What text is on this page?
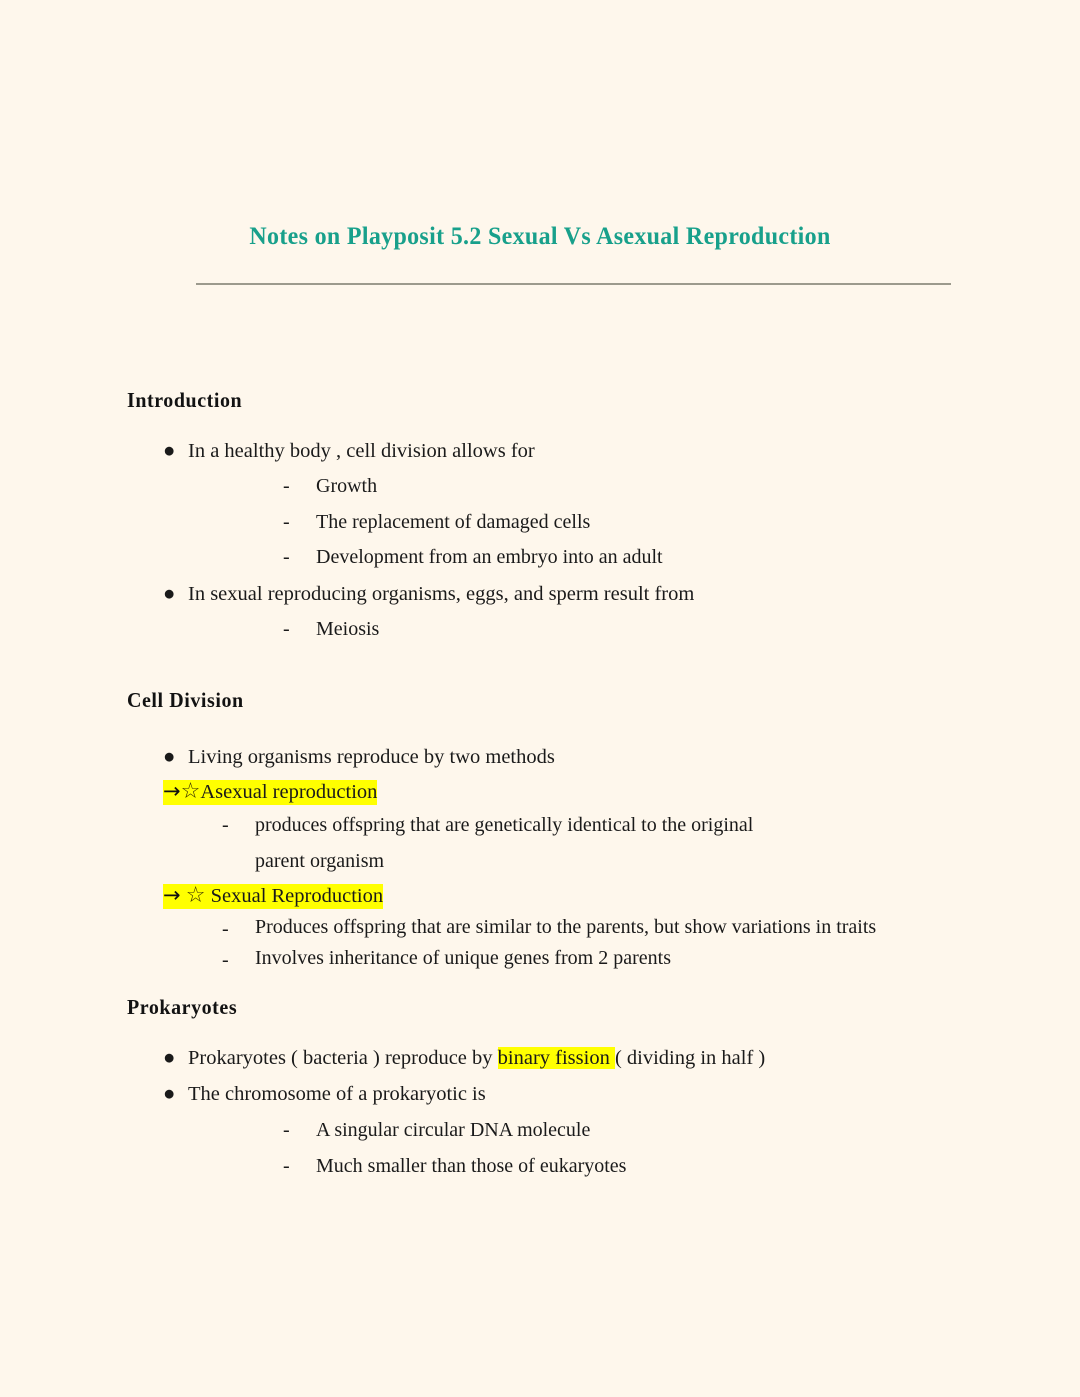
Notes on Playposit 5.2 Sexual Vs Asexual Reproduction
Introduction
● In a healthy body , cell division allows for
- Growth
- The replacement of damaged cells
- Development from an embryo into an adult
● In sexual reproducing organisms, eggs, and sperm result from
- Meiosis
Cell Division
● Living organisms reproduce by two methods
→☆Asexual reproduction
- produces offspring that are genetically identical to the original
parent organism
→ ☆ Sexual Reproduction
- Produces offspring that are similar to the parents, but show variations in traits
- Involves inheritance of unique genes from 2 parents
Prokaryotes
● Prokaryotes ( bacteria ) reproduce by binary fission ( dividing in half )
● The chromosome of a prokaryotic is
- A singular circular DNA molecule
- Much smaller than those of eukaryotes
